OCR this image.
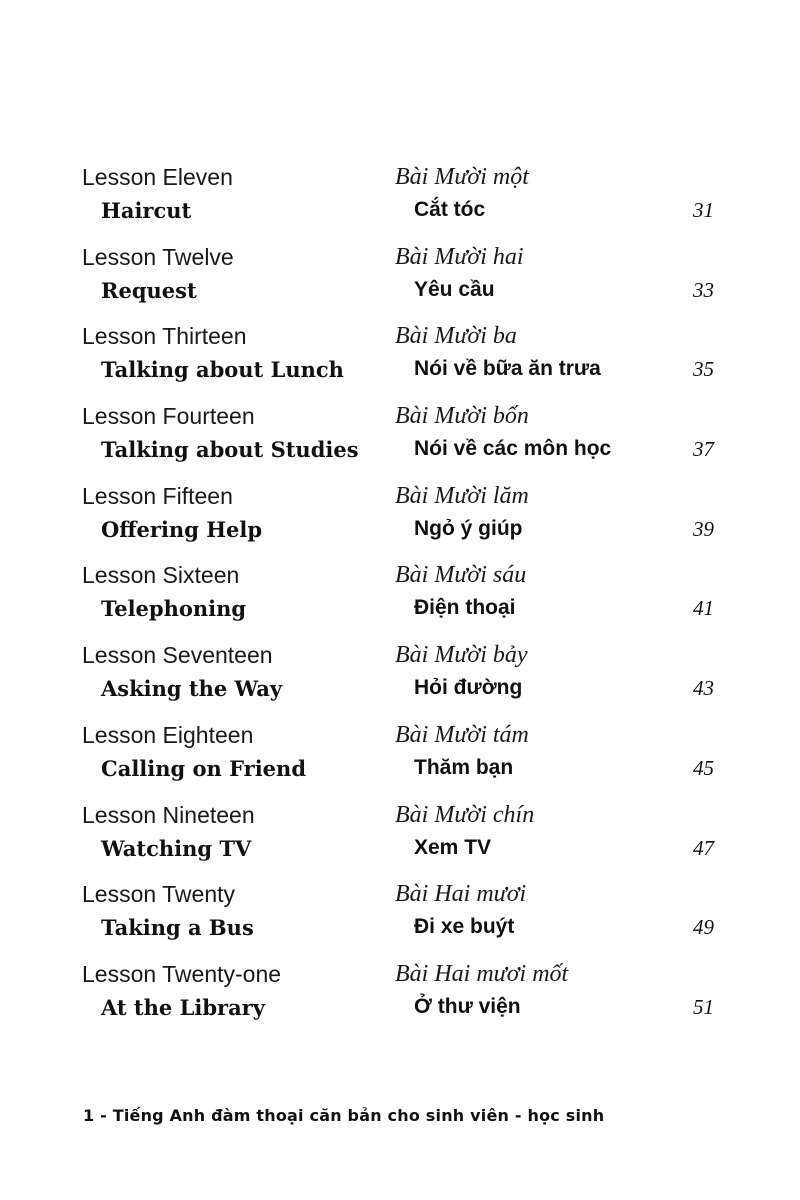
Lesson Eleven
Haircut
Bài Mười một
Cắt tóc	31
Lesson Twelve
Request
Bài Mười hai
Yêu cầu	33
Lesson Thirteen
Talking about Lunch
Bài Mười ba
Nói về bữa ăn trưa	35
Lesson Fourteen
Talking about Studies
Bài Mười bốn
Nói về các môn học	37
Lesson Fifteen
Offering Help
Bài Mười lăm
Ngỏ ý giúp	39
Lesson Sixteen
Telephoning
Bài Mười sáu
Điện thoại	41
Lesson Seventeen
Asking the Way
Bài Mười bảy
Hỏi đường	43
Lesson Eighteen
Calling on Friend
Bài Mười tám
Thăm bạn	45
Lesson Nineteen
Watching TV
Bài Mười chín
Xem TV	47
Lesson Twenty
Taking a Bus
Bài Hai mươi
Đi xe buýt	49
Lesson Twenty-one
At the Library
Bài Hai mươi mốt
Ở thư viện	51
1 - Tiếng Anh đàm thoại căn bản cho sinh viên - học sinh
